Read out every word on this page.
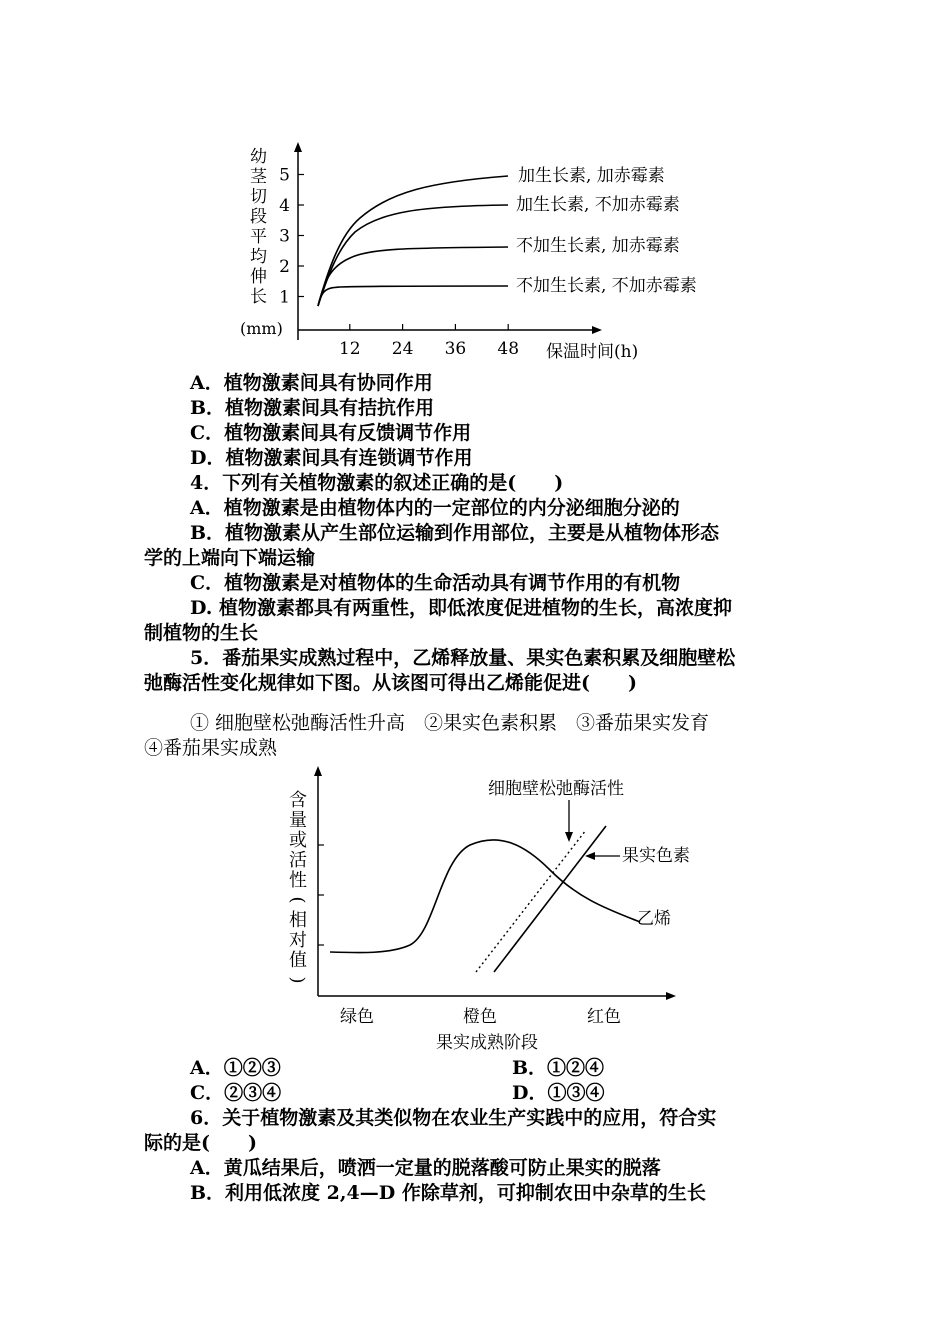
幼
茎
切
段
平
均
伸
长
(mm)
1
2
3
4
5
12 24 36 48 保温时间(h)
加生长素, 加赤霉素
加生长素, 不加赤霉素
不加生长素, 加赤霉素
不加生长素, 不加赤霉素
A．植物激素间具有协同作用
B．植物激素间具有拮抗作用
C．植物激素间具有反馈调节作用
D．植物激素间具有连锁调节作用
4．下列有关植物激素的叙述正确的是(　　)
A．植物激素是由植物体内的一定部位的内分泌细胞分泌的
B．植物激素从产生部位运输到作用部位，主要是从植物体形态
学的上端向下端运输
C．植物激素是对植物体的生命活动具有调节作用的有机物
D. 植物激素都具有两重性，即低浓度促进植物的生长，高浓度抑
制植物的生长
5．番茄果实成熟过程中，乙烯释放量、果实色素积累及细胞壁松
弛酶活性变化规律如下图。从该图可得出乙烯能促进(　　)
① 细胞壁松弛酶活性升高　②果实色素积累　③番茄果实发育
④番茄果实成熟
含
量
或
活
性
(
相
对
值
)
细胞壁松弛酶活性
果实色素
乙烯
绿色	橙色	红色
果实成熟阶段
A．①②③	B．①②④
C．②③④	D．①③④
6．关于植物激素及其类似物在农业生产实践中的应用，符合实
际的是(　　)
A．黄瓜结果后，喷洒一定量的脱落酸可防止果实的脱落
B．利用低浓度 2,4—D 作除草剂，可抑制农田中杂草的生长
